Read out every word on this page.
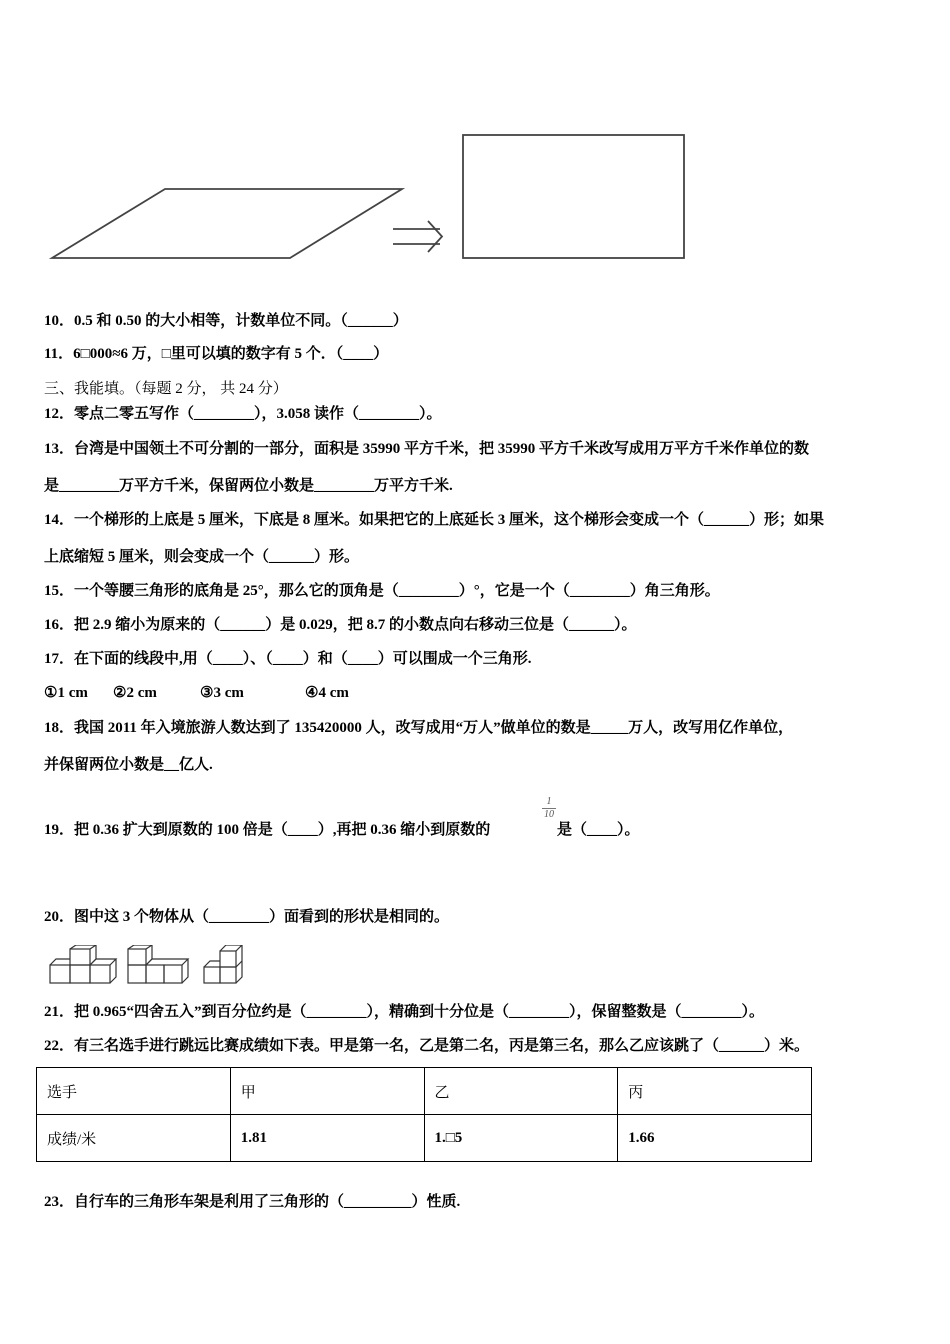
10．0.5 和 0.50 的大小相等，计数单位不同。（______）
11．6□000≈6 万，□里可以填的数字有 5 个．（____）
三、我能填。（每题 2 分， 共 24 分）
12．零点二零五写作（________），3.058 读作（________）。
13．台湾是中国领土不可分割的一部分，面积是 35990 平方千米，把 35990 平方千米改写成用万平方千米作单位的数
是________万平方千米，保留两位小数是________万平方千米.
14．一个梯形的上底是 5 厘米，下底是 8 厘米。如果把它的上底延长 3 厘米，这个梯形会变成一个（______）形；如果
上底缩短 5 厘米，则会变成一个（______）形。
15．一个等腰三角形的底角是 25°，那么它的顶角是（________）°，它是一个（________）角三角形。
16．把 2.9 缩小为原来的（______）是 0.029，把 8.7 的小数点向右移动三位是（______）。
17．在下面的线段中,用（____）、（____）和（____）可以围成一个三角形.
①1 cm ②2 cm	③3 cm	④4 cm
18．我国 2011 年入境旅游人数达到了 135420000 人，改写成用“万人”做单位的数是_____万人，改写用亿作单位，
并保留两位小数是__亿人.
19．把 0.36 扩大到原数的 100 倍是（____）,再把 0.36 缩小到原数的
1
10
是（____）。
20．图中这 3 个物体从（________）面看到的形状是相同的。
21．把 0.965“四舍五入”到百分位约是（________），精确到十分位是（________），保留整数是（________）。
22．有三名选手进行跳远比赛成绩如下表。甲是第一名，乙是第二名，丙是第三名，那么乙应该跳了（______）米。
选手	甲	乙	丙
成绩/米	1.81	1.□5	1.66
23．自行车的三角形车架是利用了三角形的（_________）性质.
